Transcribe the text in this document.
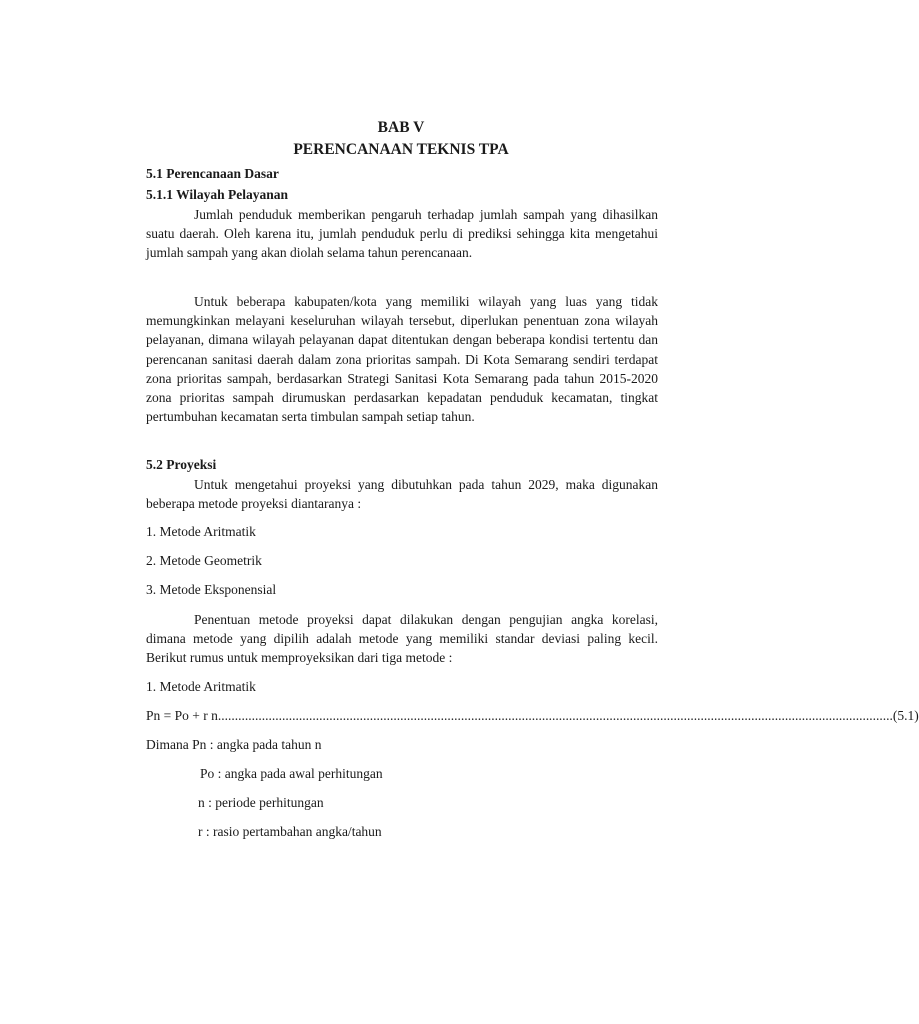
BAB V
PERENCANAAN TEKNIS TPA
5.1 Perencanaan Dasar
5.1.1 Wilayah Pelayanan

Jumlah penduduk memberikan pengaruh terhadap jumlah sampah yang dihasilkan suatu daerah. Oleh karena itu, jumlah penduduk perlu di prediksi sehingga kita mengetahui jumlah sampah yang akan diolah selama tahun perencanaan.

Untuk beberapa kabupaten/kota yang memiliki wilayah yang luas yang tidak memungkinkan melayani keseluruhan wilayah tersebut, diperlukan penentuan zona wilayah pelayanan, dimana wilayah pelayanan dapat ditentukan dengan beberapa kondisi tertentu dan perencanan sanitasi daerah dalam zona prioritas sampah. Di Kota Semarang sendiri terdapat zona prioritas sampah, berdasarkan Strategi Sanitasi Kota Semarang pada tahun 2015-2020 zona prioritas sampah dirumuskan perdasarkan kepadatan penduduk kecamatan, tingkat pertumbuhan kecamatan serta timbulan sampah setiap tahun.

5.2 Proyeksi

Untuk mengetahui proyeksi yang dibutuhkan pada tahun 2029, maka digunakan beberapa metode proyeksi diantaranya :

1. Metode Aritmatik
2. Metode Geometrik
3. Metode Eksponensial

Penentuan metode proyeksi dapat dilakukan dengan pengujian angka korelasi, dimana metode yang dipilih adalah metode yang memiliki standar deviasi paling kecil. Berikut rumus untuk memproyeksikan dari tiga metode :

1. Metode Aritmatik
Pn = Po + r n ........................................................................................................................................................................................................ (5.1)
Dimana Pn : angka pada tahun n
Po : angka pada awal perhitungan
n : periode perhitungan
r : rasio pertambahan angka/tahun
